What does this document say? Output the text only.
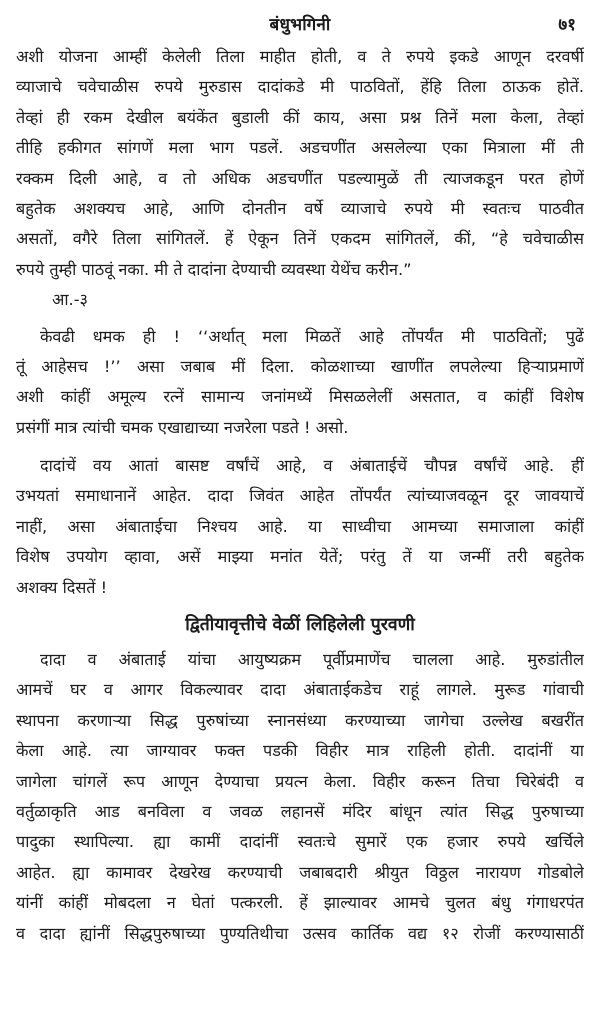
बंधुभगिनी	७१
अशी योजना आम्हीं केलेली तिला माहीत होती, व ते रुपये इकडे आणून दरवर्षी
व्याजाचे चवेचाळीस रुपये मुरुडास दादांकडे मी पाठवितों, हेंहि तिला ठाऊक होतें.
तेव्हां ही रकम देखील बयंकेंत बुडाली कीं काय, असा प्रश्न तिनें मला केला, तेव्हां
तीहि हकीगत सांगणें मला भाग पडलें. अडचणींत असलेल्या एका मित्राला मीं ती
रक्कम दिली आहे, व तो अधिक अडचणींत पडल्यामुळें ती त्याजकडून परत होणें
बहुतेक अशक्यच आहे, आणि दोनतीन वर्षे व्याजाचे रुपये मी स्वतःच पाठवीत
असतों, वगैरे तिला सांगितलें. हें ऐकून तिनें एकदम सांगितलें, कीं, “हे चवेचाळीस
रुपये तुम्ही पाठवूं नका. मी ते दादांना देण्याची व्यवस्था येथेंच करीन.”
आ.-३
केवढी धमक ही ! ‘‘अर्थात् मला मिळतें आहे तोंपर्यंत मी पाठवितों; पुढें
तूं आहेसच !’’ असा जबाब मीं दिला. कोळशाच्या खाणींत लपलेल्या हिऱ्याप्रमाणें
अशी कांहीं अमूल्य रत्नें सामान्य जनांमध्यें मिसळलेलीं असतात, व कांहीं विशेष
प्रसंगीं मात्र त्यांची चमक एखाद्याच्या नजरेला पडते ! असो.
दादांचें वय आतां बासष्ट वर्षांचें आहे, व अंबाताईचें चौपन्न वर्षांचें आहे. हीं
उभयतां समाधानानें आहेत. दादा जिवंत आहेत तोंपर्यंत त्यांच्याजवळून दूर जावयाचें
नाहीं, असा अंबाताईचा निश्चय आहे. या साध्वीचा आमच्या समाजाला कांहीं
विशेष उपयोग व्हावा, असें माझ्या मनांत येतें; परंतु तें या जन्मीं तरी बहुतेक
अशक्य दिसतें !
द्वितीयावृत्तीचे वेळीं लिहिलेली पुरवणी
दादा व अंबाताई यांचा आयुष्यक्रम पूर्वीप्रमाणेंच चालला आहे. मुरुडांतील
आमचें घर व आगर विकल्यावर दादा अंबाताईकडेच राहूं लागले. मुरूड गांवाची
स्थापना करणाऱ्या सिद्ध पुरुषांच्या स्नानसंध्या करण्याच्या जागेचा उल्लेख बखरींत
केला आहे. त्या जाग्यावर फक्त पडकी विहीर मात्र राहिली होती. दादांनीं या
जागेला चांगलें रूप आणून देण्याचा प्रयत्न केला. विहीर करून तिचा चिरेबंदी व
वर्तुळाकृति आड बनविला व जवळ लहानसें मंदिर बांधून त्यांत सिद्ध पुरुषाच्या
पादुका स्थापिल्या. ह्या कामीं दादांनीं स्वतःचे सुमारें एक हजार रुपये खर्चिले
आहेत. ह्या कामावर देखरेख करण्याची जबाबदारी श्रीयुत विठ्ठल नारायण गोडबोले
यांनीं कांहीं मोबदला न घेतां पत्करली. हें झाल्यावर आमचे चुलत बंधु गंगाधरपंत
व दादा ह्यांनीं सिद्धपुरुषाच्या पुण्यतिथीचा उत्सव कार्तिक वद्य १२ रोजीं करण्यासाठीं
